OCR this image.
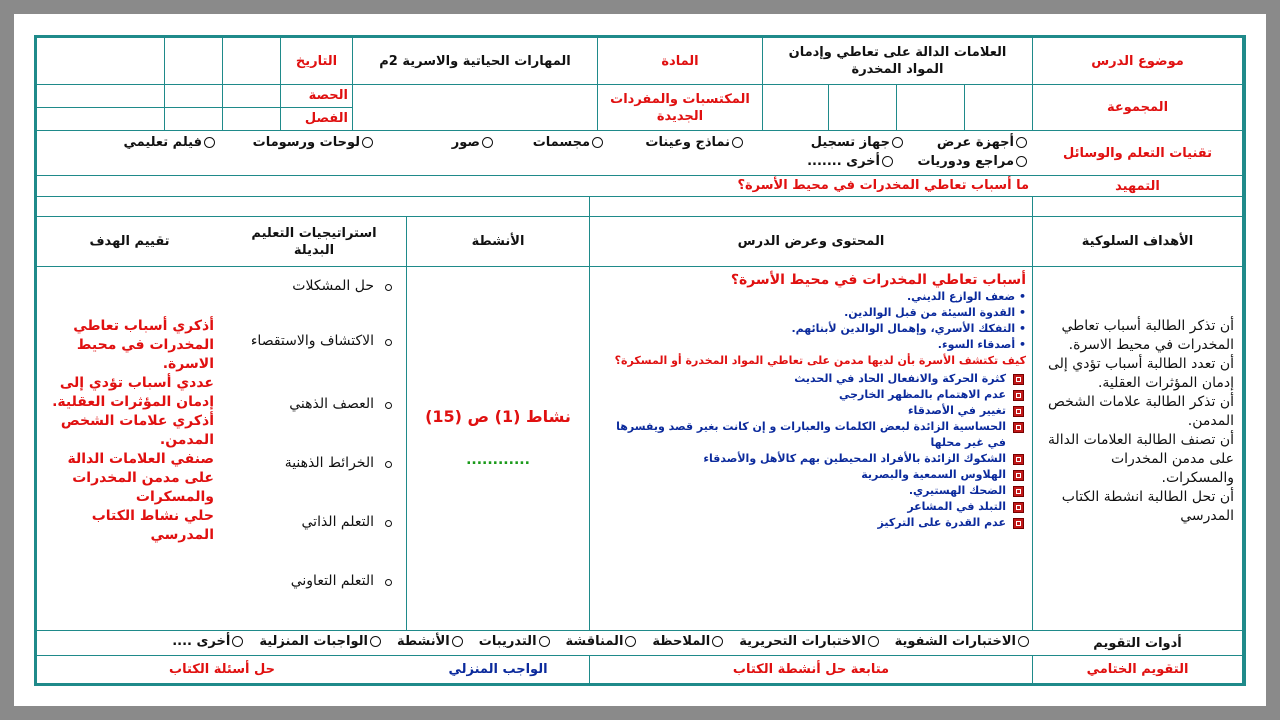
موضوع الدرس
العلامات الدالة على تعاطي وإدمان المواد المخدرة
المادة
المهارات الحياتية والاسرية 2م
التاريخ
المجموعة
المكتسبات والمفردات الجديدة
الحصة
الفصل
تقنيات التعلم والوسائل
أجهزة عرض
جهاز تسجيل
نماذج وعينات
مجسمات
صور
لوحات ورسومات
فيلم تعليمي
مراجع ودوريات
أخرى .......
التمهيد
ما أسباب تعاطي المخدرات في محيط الأسرة؟
الأهداف السلوكية
المحتوى وعرض الدرس
الأنشطة
استراتيجيات التعليم البديلة
تقييم الهدف
أن تذكر الطالبة أسباب تعاطي المخدرات في محيط الاسرة.
أن تعدد الطالبة أسباب تؤدي إلى إدمان المؤثرات العقلية.
أن تذكر الطالبة علامات الشخص المدمن.
أن تصنف الطالبة العلامات الدالة على مدمن المخدرات والمسكرات.
أن تحل الطالبة انشطة الكتاب المدرسي
أسباب تعاطي المخدرات في محيط الأسرة؟
• ضعف الوازع الديني.
• القدوة السيئة من قبل الوالدين.
• التفكك الأسري، وإهمال الوالدين لأبنائهم.
• أصدقاء السوء.
كيف تكتشف الأسرة بأن لديها مدمن على تعاطي المواد المخدرة أو المسكرة؟
كثرة الحركة والانفعال الحاد في الحديث
عدم الاهتمام بالمظهر الخارجي
تغيير في الأصدقاء
الحساسية الزائدة لبعض الكلمات والعبارات و إن كانت بغير قصد ويفسرها في غير محلها
الشكوك الزائدة بالأفراد المحيطين بهم كالأهل والأصدقاء
الهلاوس السمعية والبصرية
الضحك الهستيري.
التبلد في المشاعر
عدم القدرة على التركيز
نشاط (1) ص (15)
............
حل المشكلات
الاكتشاف والاستقصاء
العصف الذهني
الخرائط الذهنية
التعلم الذاتي
التعلم التعاوني
أذكري أسباب تعاطي المخدرات في محيط الاسرة.
عددي أسباب تؤدي إلى إدمان المؤثرات العقلية.
أذكري علامات الشخص المدمن.
صنفي العلامات الدالة على مدمن المخدرات والمسكرات
حلي نشاط الكتاب المدرسي
أدوات التقويم
الاختبارات الشفويةالاختبارات التحريريةالملاحظةالمناقشةالتدريباتالأنشطةالواجبات المنزليةأخرى ....
التقويم الختامي
متابعة حل أنشطة الكتاب
الواجب المنزلي
حل أسئلة الكتاب
